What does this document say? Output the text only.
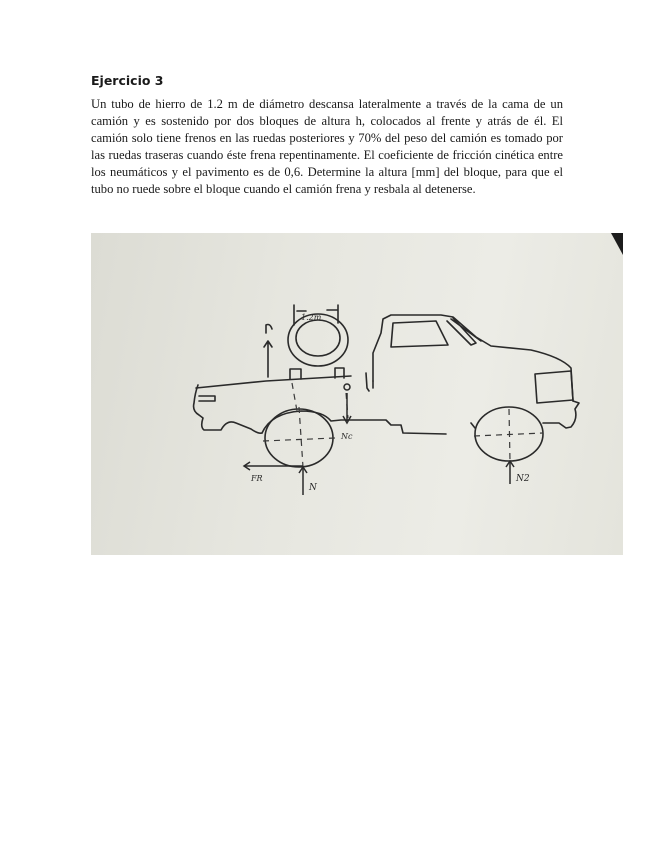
Ejercicio 3

Un tubo de hierro de 1.2 m de diámetro descansa lateralmente a través de la cama de un camión y es sostenido por dos bloques de altura h, colocados al frente y atrás de él. El camión solo tiene frenos en las ruedas posteriores y 70% del peso del camión es tomado por las ruedas traseras cuando éste frena repentinamente. El coeficiente de fricción cinética entre los neumáticos y el pavimento es de 0,6. Determine la altura [mm] del bloque, para que el tubo no ruede sobre el bloque cuando el camión frena y resbala al detenerse.

1.2m
Nc
FR
N
N2
